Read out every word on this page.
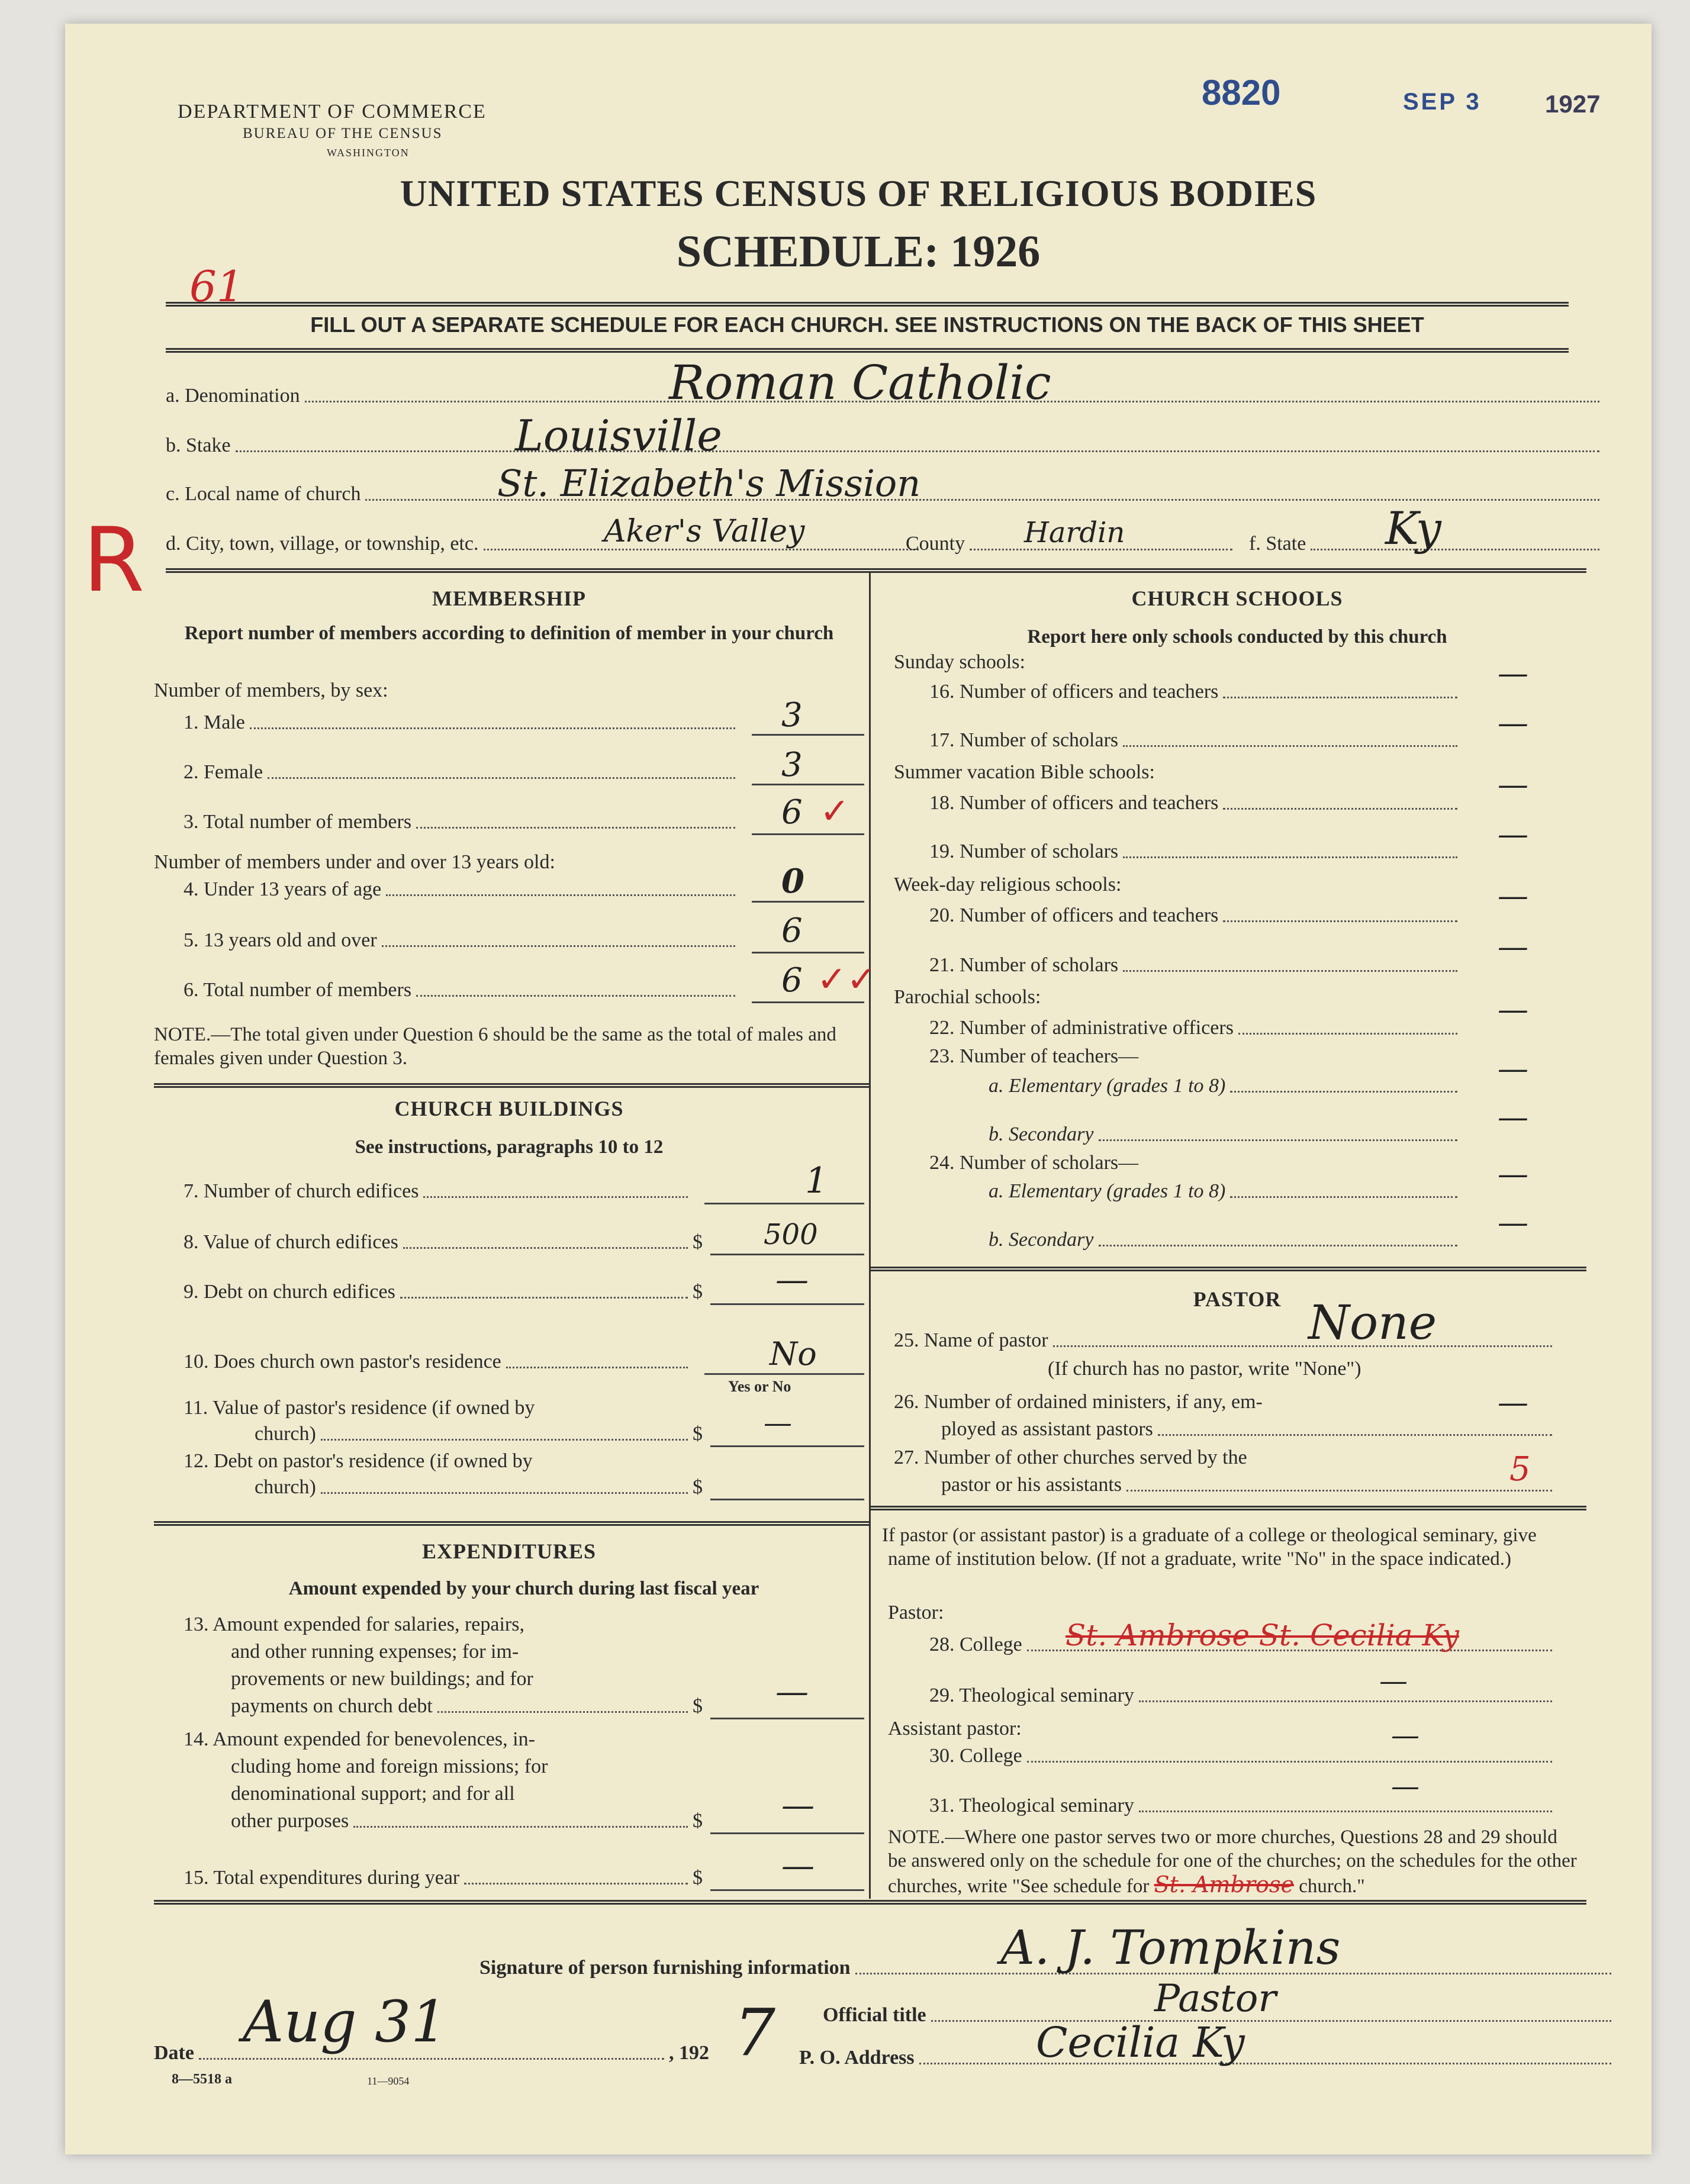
DEPARTMENT OF COMMERCE
BUREAU OF THE CENSUS
WASHINGTON
8820	SEP 3	1927
UNITED STATES CENSUS OF RELIGIOUS BODIES
SCHEDULE: 1926
61
R
FILL OUT A SEPARATE SCHEDULE FOR EACH CHURCH. SEE INSTRUCTIONS ON THE BACK OF THIS SHEET
a. Denomination	Roman Catholic
b. Stake	Louisville
c. Local name of church	St. Elizabeth's Mission
d. City, town, village, or township, etc.	Aker's Valley	County Hardin	f. State Ky
MEMBERSHIP
Report number of members according to definition of member in your church
Number of members, by sex:
1. Male	3
2. Female	3
3. Total number of members	6 ✓
Number of members under and over 13 years old:
4. Under 13 years of age	0
5. 13 years old and over	6
6. Total number of members	6 ✓✓
NOTE.—The total given under Question 6 should be the same as the total of males and females given under Question 3.
CHURCH BUILDINGS
See instructions, paragraphs 10 to 12
7. Number of church edifices	1
8. Value of church edifices	$ 500
9. Debt on church edifices	$ —
10. Does church own pastor's residence	No
Yes or No
11. Value of pastor's residence (if owned by
church)	$ —
12. Debt on pastor's residence (if owned by
church)	$
EXPENDITURES
Amount expended by your church during last fiscal year
13. Amount expended for salaries, repairs,
and other running expenses; for im-
provements or new buildings; and for
payments on church debt	$ —
14. Amount expended for benevolences, in-
cluding home and foreign missions; for
denominational support; and for all
other purposes	$ —
15. Total expenditures during year	$ —
CHURCH SCHOOLS
Report here only schools conducted by this church
Sunday schools:
16. Number of officers and teachers
—
17. Number of scholars	—
Summer vacation Bible schools:
18. Number of officers and teachers
—
19. Number of scholars	—
Week-day religious schools:
20. Number of officers and teachers
—
21. Number of scholars
—
Parochial schools:
22. Number of administrative officers
—
23. Number of teachers—
a. Elementary (grades 1 to 8)	—
b. Secondary	—
24. Number of scholars—
a. Elementary (grades 1 to 8)	—
b. Secondary	—
PASTOR
25. Name of pastor	None
(If church has no pastor, write "None")
26. Number of ordained ministers, if any, em-
ployed as assistant pastors
—
27. Number of other churches served by the
pastor or his assistants	5
If pastor (or assistant pastor) is a graduate of a college or theological seminary, give name of institution below. (If not a graduate, write "No" in the space indicated.)
Pastor:
28. College St. Ambrose St. Cecilia Ky
29. Theological seminary	—
Assistant pastor:
30. College
—
31. Theological seminary
—
NOTE.—Where one pastor serves two or more churches, Questions 28 and 29 should be answered only on the schedule for one of the churches; on the schedules for the other churches, write "See schedule for St. Ambrose church."
Signature of person furnishing information	A. J. Tompkins
Official title	Pastor
P. O. Address	Cecilia Ky
Date Aug 31	, 192 7
8—5518 a	11—9054
